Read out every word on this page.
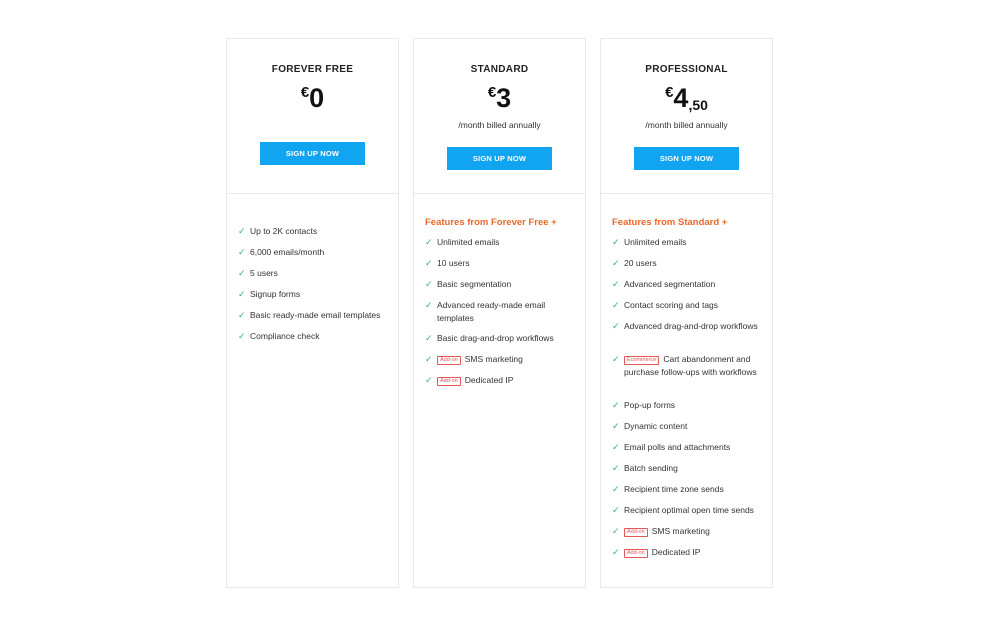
FOREVER FREE
€ 0
SIGN UP NOW
✓ Up to 2K contacts
✓ 6,000 emails/month
✓ 5 users
✓ Signup forms
✓ Basic ready-made email templates
✓ Compliance check
STANDARD
€ 3
/month billed annually
SIGN UP NOW
Features from Forever Free +
✓ Unlimited emails
✓ 10 users
✓ Basic segmentation
✓ Advanced ready-made email templates
✓ Basic drag-and-drop workflows
✓	Add-on SMS marketing
✓	Add-on Dedicated IP
PROFESSIONAL
€ 4 ,50
/month billed annually
SIGN UP NOW
Features from Standard +
✓ Unlimited emails
✓ 20 users
✓ Advanced segmentation
✓ Contact scoring and tags
✓ Advanced drag-and-drop workflows
✓	Ecommerce Cart abandonment and purchase follow-ups with workflows
✓ Pop-up forms
✓ Dynamic content
✓ Email polls and attachments
✓ Batch sending
✓ Recipient time zone sends
✓ Recipient optimal open time sends
✓	Add-on SMS marketing
✓	Add-on Dedicated IP
